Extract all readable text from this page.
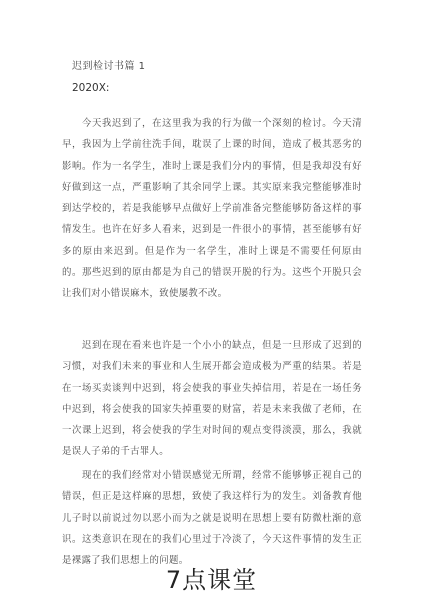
迟到检讨书篇 1
2020X:

今天我迟到了，在这里我为我的行为做一个深刻的检讨。今天清早，我因为上学前往洗手间，耽误了上课的时间，造成了极其恶劣的影响。作为一名学生，准时上课是我们分内的事情，但是我却没有好好做到这一点，严重影响了其余同学上课。其实原来我完整能够准时到达学校的，若是我能够早点做好上学前准备完整能够防备这样的事情发生。也许在好多人看来，迟到是一件很小的事情，甚至能够有好多的原由来迟到。但是作为一名学生，准时上课是不需要任何原由的。那些迟到的原由都是为自己的错误开脱的行为。这些个开脱只会让我们对小错误麻木，致使屡教不改。

迟到在现在看来也许是一个小小的缺点，但是一旦形成了迟到的习惯，对我们未来的事业和人生展开都会造成极为严重的结果。若是在一场买卖谈判中迟到，将会使我的事业失掉信用，若是在一场任务中迟到，将会使我的国家失掉重要的财富，若是未来我做了老师，在一次课上迟到，将会使我的学生对时间的观点变得淡漠，那么，我就是误人子弟的千古罪人。

现在的我们经常对小错误感觉无所谓，经常不能够够正视自己的错误，但正是这样麻的思想，致使了我这样行为的发生。刘备教育他儿子时以前说过勿以恶小而为之就是说明在思想上要有防微杜渐的意识。这类意识在现在的我们心里过于冷淡了，今天这件事情的发生正是裸露了我们思想上的问题。

7点课堂
